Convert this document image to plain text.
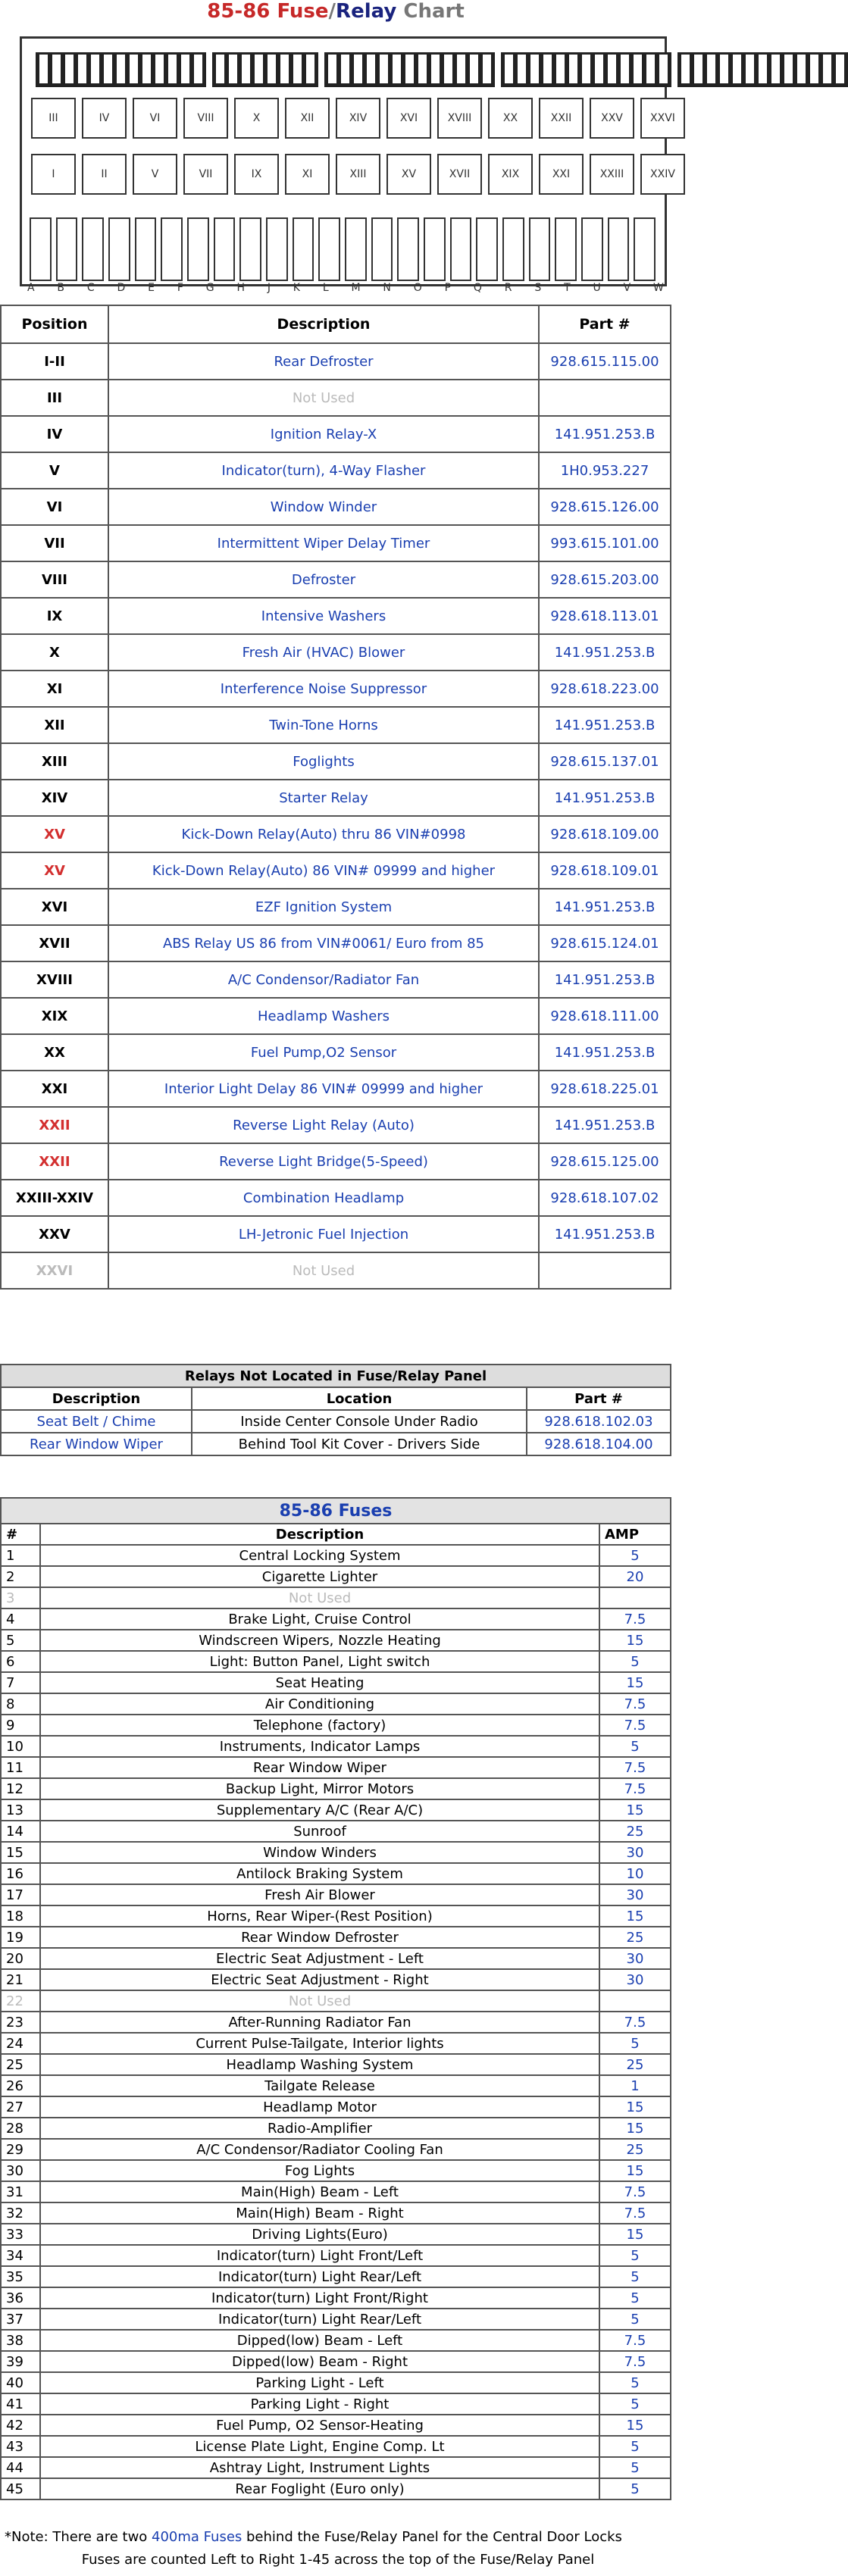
85-86 Fuse/Relay Chart
III	IV	VI	VIII	X	XII	XIV	XVI	XVIII	XX	XXII	XXV	XXVI
I	II	V	VII	IX	XI	XIII	XV	XVII	XIX	XXI	XXIII	XXIV
A B C D E F G H J K L M N O P Q R S T U V W
Position	Description	Part #
I-II	Rear Defroster	928.615.115.00
III	Not Used	
IV	Ignition Relay-X	141.951.253.B
V	Indicator(turn), 4-Way Flasher	1H0.953.227
VI	Window Winder	928.615.126.00
VII	Intermittent Wiper Delay Timer	993.615.101.00
VIII	Defroster	928.615.203.00
IX	Intensive Washers	928.618.113.01
X	Fresh Air (HVAC) Blower	141.951.253.B
XI	Interference Noise Suppressor	928.618.223.00
XII	Twin-Tone Horns	141.951.253.B
XIII	Foglights	928.615.137.01
XIV	Starter Relay	141.951.253.B
XV	Kick-Down Relay(Auto) thru 86 VIN#0998	928.618.109.00
XV	Kick-Down Relay(Auto) 86 VIN# 09999 and higher	928.618.109.01
XVI	EZF Ignition System	141.951.253.B
XVII	ABS Relay US 86 from VIN#0061/ Euro from 85	928.615.124.01
XVIII	A/C Condensor/Radiator Fan	141.951.253.B
XIX	Headlamp Washers	928.618.111.00
XX	Fuel Pump,O2 Sensor	141.951.253.B
XXI	Interior Light Delay 86 VIN# 09999 and higher	928.618.225.01
XXII	Reverse Light Relay (Auto)	141.951.253.B
XXII	Reverse Light Bridge(5-Speed)	928.615.125.00
XXIII-XXIV	Combination Headlamp	928.618.107.02
XXV	LH-Jetronic Fuel Injection	141.951.253.B
XXVI	Not Used	
Relays Not Located in Fuse/Relay Panel		
Description	Location	Part #
Seat Belt / Chime	Inside Center Console Under Radio	928.618.102.03
Rear Window Wiper	Behind Tool Kit Cover - Drivers Side	928.618.104.00
85-86 Fuses		
#	Description	AMP
1	Central Locking System	5
2	Cigarette Lighter	20
3	Not Used	
4	Brake Light, Cruise Control	7.5
5	Windscreen Wipers, Nozzle Heating	15
6	Light: Button Panel, Light switch	5
7	Seat Heating	15
8	Air Conditioning	7.5
9	Telephone (factory)	7.5
10	Instruments, Indicator Lamps	5
11	Rear Window Wiper	7.5
12	Backup Light, Mirror Motors	7.5
13	Supplementary A/C (Rear A/C)	15
14	Sunroof	25
15	Window Winders	30
16	Antilock Braking System	10
17	Fresh Air Blower	30
18	Horns, Rear Wiper-(Rest Position)	15
19	Rear Window Defroster	25
20	Electric Seat Adjustment - Left	30
21	Electric Seat Adjustment - Right	30
22	Not Used	
23	After-Running Radiator Fan	7.5
24	Current Pulse-Tailgate, Interior lights	5
25	Headlamp Washing System	25
26	Tailgate Release	1
27	Headlamp Motor	15
28	Radio-Amplifier	15
29	A/C Condensor/Radiator Cooling Fan	25
30	Fog Lights	15
31	Main(High) Beam - Left	7.5
32	Main(High) Beam - Right	7.5
33	Driving Lights(Euro)	15
34	Indicator(turn) Light Front/Left	5
35	Indicator(turn) Light Rear/Left	5
36	Indicator(turn) Light Front/Right	5
37	Indicator(turn) Light Rear/Left	5
38	Dipped(low) Beam - Left	7.5
39	Dipped(low) Beam - Right	7.5
40	Parking Light - Left	5
41	Parking Light - Right	5
42	Fuel Pump, O2 Sensor-Heating	15
43	License Plate Light, Engine Comp. Lt	5
44	Ashtray Light, Instrument Lights	5
45	Rear Foglight (Euro only)	5
*Note: There are two 400ma Fuses behind the Fuse/Relay Panel for the Central Door Locks
Fuses are counted Left to Right 1-45 across the top of the Fuse/Relay Panel
